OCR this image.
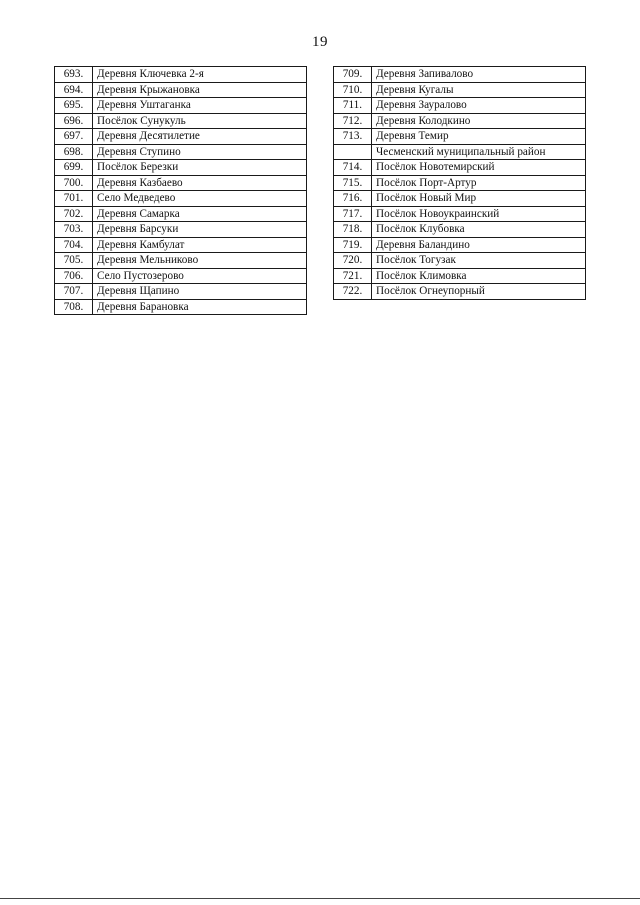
19
693.	Деревня Ключевка 2-я
694.	Деревня Крыжановка
695.	Деревня Уштаганка
696.	Посёлок Сунукуль
697.	Деревня Десятилетие
698.	Деревня Ступино
699.	Посёлок Березки
700.	Деревня Казбаево
701.	Село Медведево
702.	Деревня Самарка
703.	Деревня Барсуки
704.	Деревня Камбулат
705.	Деревня Мельниково
706.	Село Пустозерово
707.	Деревня Щапино
708.	Деревня Барановка
709.	Деревня Запивалово
710.	Деревня Кугалы
711.	Деревня Зауралово
712.	Деревня Колодкино
713.	Деревня Темир
	Чесменский муниципальный район
714.	Посёлок Новотемирский
715.	Посёлок Порт-Артур
716.	Посёлок Новый Мир
717.	Посёлок Новоукраинский
718.	Посёлок Клубовка
719.	Деревня Баландино
720.	Посёлок Тогузак
721.	Посёлок Климовка
722.	Посёлок Огнеупорный
